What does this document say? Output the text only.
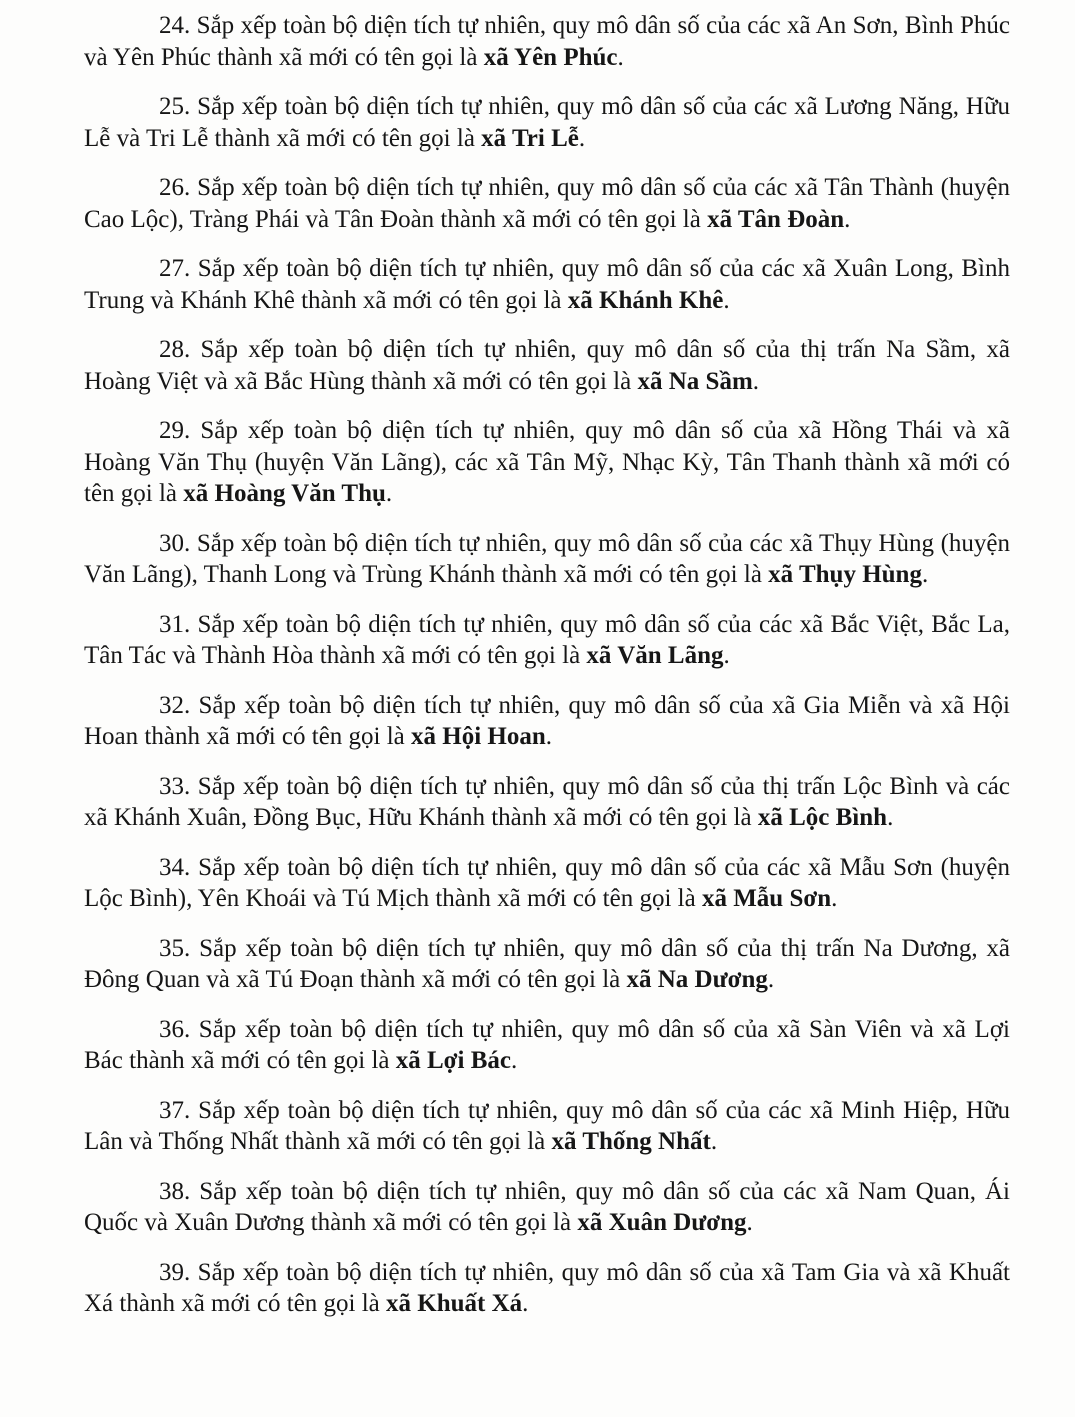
24. Sắp xếp toàn bộ diện tích tự nhiên, quy mô dân số của các xã An Sơn, Bình Phúc và Yên Phúc thành xã mới có tên gọi là xã Yên Phúc.

25. Sắp xếp toàn bộ diện tích tự nhiên, quy mô dân số của các xã Lương Năng, Hữu Lễ và Tri Lễ thành xã mới có tên gọi là xã Tri Lễ.

26. Sắp xếp toàn bộ diện tích tự nhiên, quy mô dân số của các xã Tân Thành (huyện Cao Lộc), Tràng Phái và Tân Đoàn thành xã mới có tên gọi là xã Tân Đoàn.

27. Sắp xếp toàn bộ diện tích tự nhiên, quy mô dân số của các xã Xuân Long, Bình Trung và Khánh Khê thành xã mới có tên gọi là xã Khánh Khê.

28. Sắp xếp toàn bộ diện tích tự nhiên, quy mô dân số của thị trấn Na Sầm, xã Hoàng Việt và xã Bắc Hùng thành xã mới có tên gọi là xã Na Sầm.

29. Sắp xếp toàn bộ diện tích tự nhiên, quy mô dân số của xã Hồng Thái và xã Hoàng Văn Thụ (huyện Văn Lãng), các xã Tân Mỹ, Nhạc Kỳ, Tân Thanh thành xã mới có tên gọi là xã Hoàng Văn Thụ.

30. Sắp xếp toàn bộ diện tích tự nhiên, quy mô dân số của các xã Thụy Hùng (huyện Văn Lãng), Thanh Long và Trùng Khánh thành xã mới có tên gọi là xã Thụy Hùng.

31. Sắp xếp toàn bộ diện tích tự nhiên, quy mô dân số của các xã Bắc Việt, Bắc La, Tân Tác và Thành Hòa thành xã mới có tên gọi là xã Văn Lãng.

32. Sắp xếp toàn bộ diện tích tự nhiên, quy mô dân số của xã Gia Miễn và xã Hội Hoan thành xã mới có tên gọi là xã Hội Hoan.

33. Sắp xếp toàn bộ diện tích tự nhiên, quy mô dân số của thị trấn Lộc Bình và các xã Khánh Xuân, Đồng Bục, Hữu Khánh thành xã mới có tên gọi là xã Lộc Bình.

34. Sắp xếp toàn bộ diện tích tự nhiên, quy mô dân số của các xã Mẫu Sơn (huyện Lộc Bình), Yên Khoái và Tú Mịch thành xã mới có tên gọi là xã Mẫu Sơn.

35. Sắp xếp toàn bộ diện tích tự nhiên, quy mô dân số của thị trấn Na Dương, xã Đông Quan và xã Tú Đoạn thành xã mới có tên gọi là xã Na Dương.

36. Sắp xếp toàn bộ diện tích tự nhiên, quy mô dân số của xã Sàn Viên và xã Lợi Bác thành xã mới có tên gọi là xã Lợi Bác.

37. Sắp xếp toàn bộ diện tích tự nhiên, quy mô dân số của các xã Minh Hiệp, Hữu Lân và Thống Nhất thành xã mới có tên gọi là xã Thống Nhất.

38. Sắp xếp toàn bộ diện tích tự nhiên, quy mô dân số của các xã Nam Quan, Ái Quốc và Xuân Dương thành xã mới có tên gọi là xã Xuân Dương.

39. Sắp xếp toàn bộ diện tích tự nhiên, quy mô dân số của xã Tam Gia và xã Khuất Xá thành xã mới có tên gọi là xã Khuất Xá.
